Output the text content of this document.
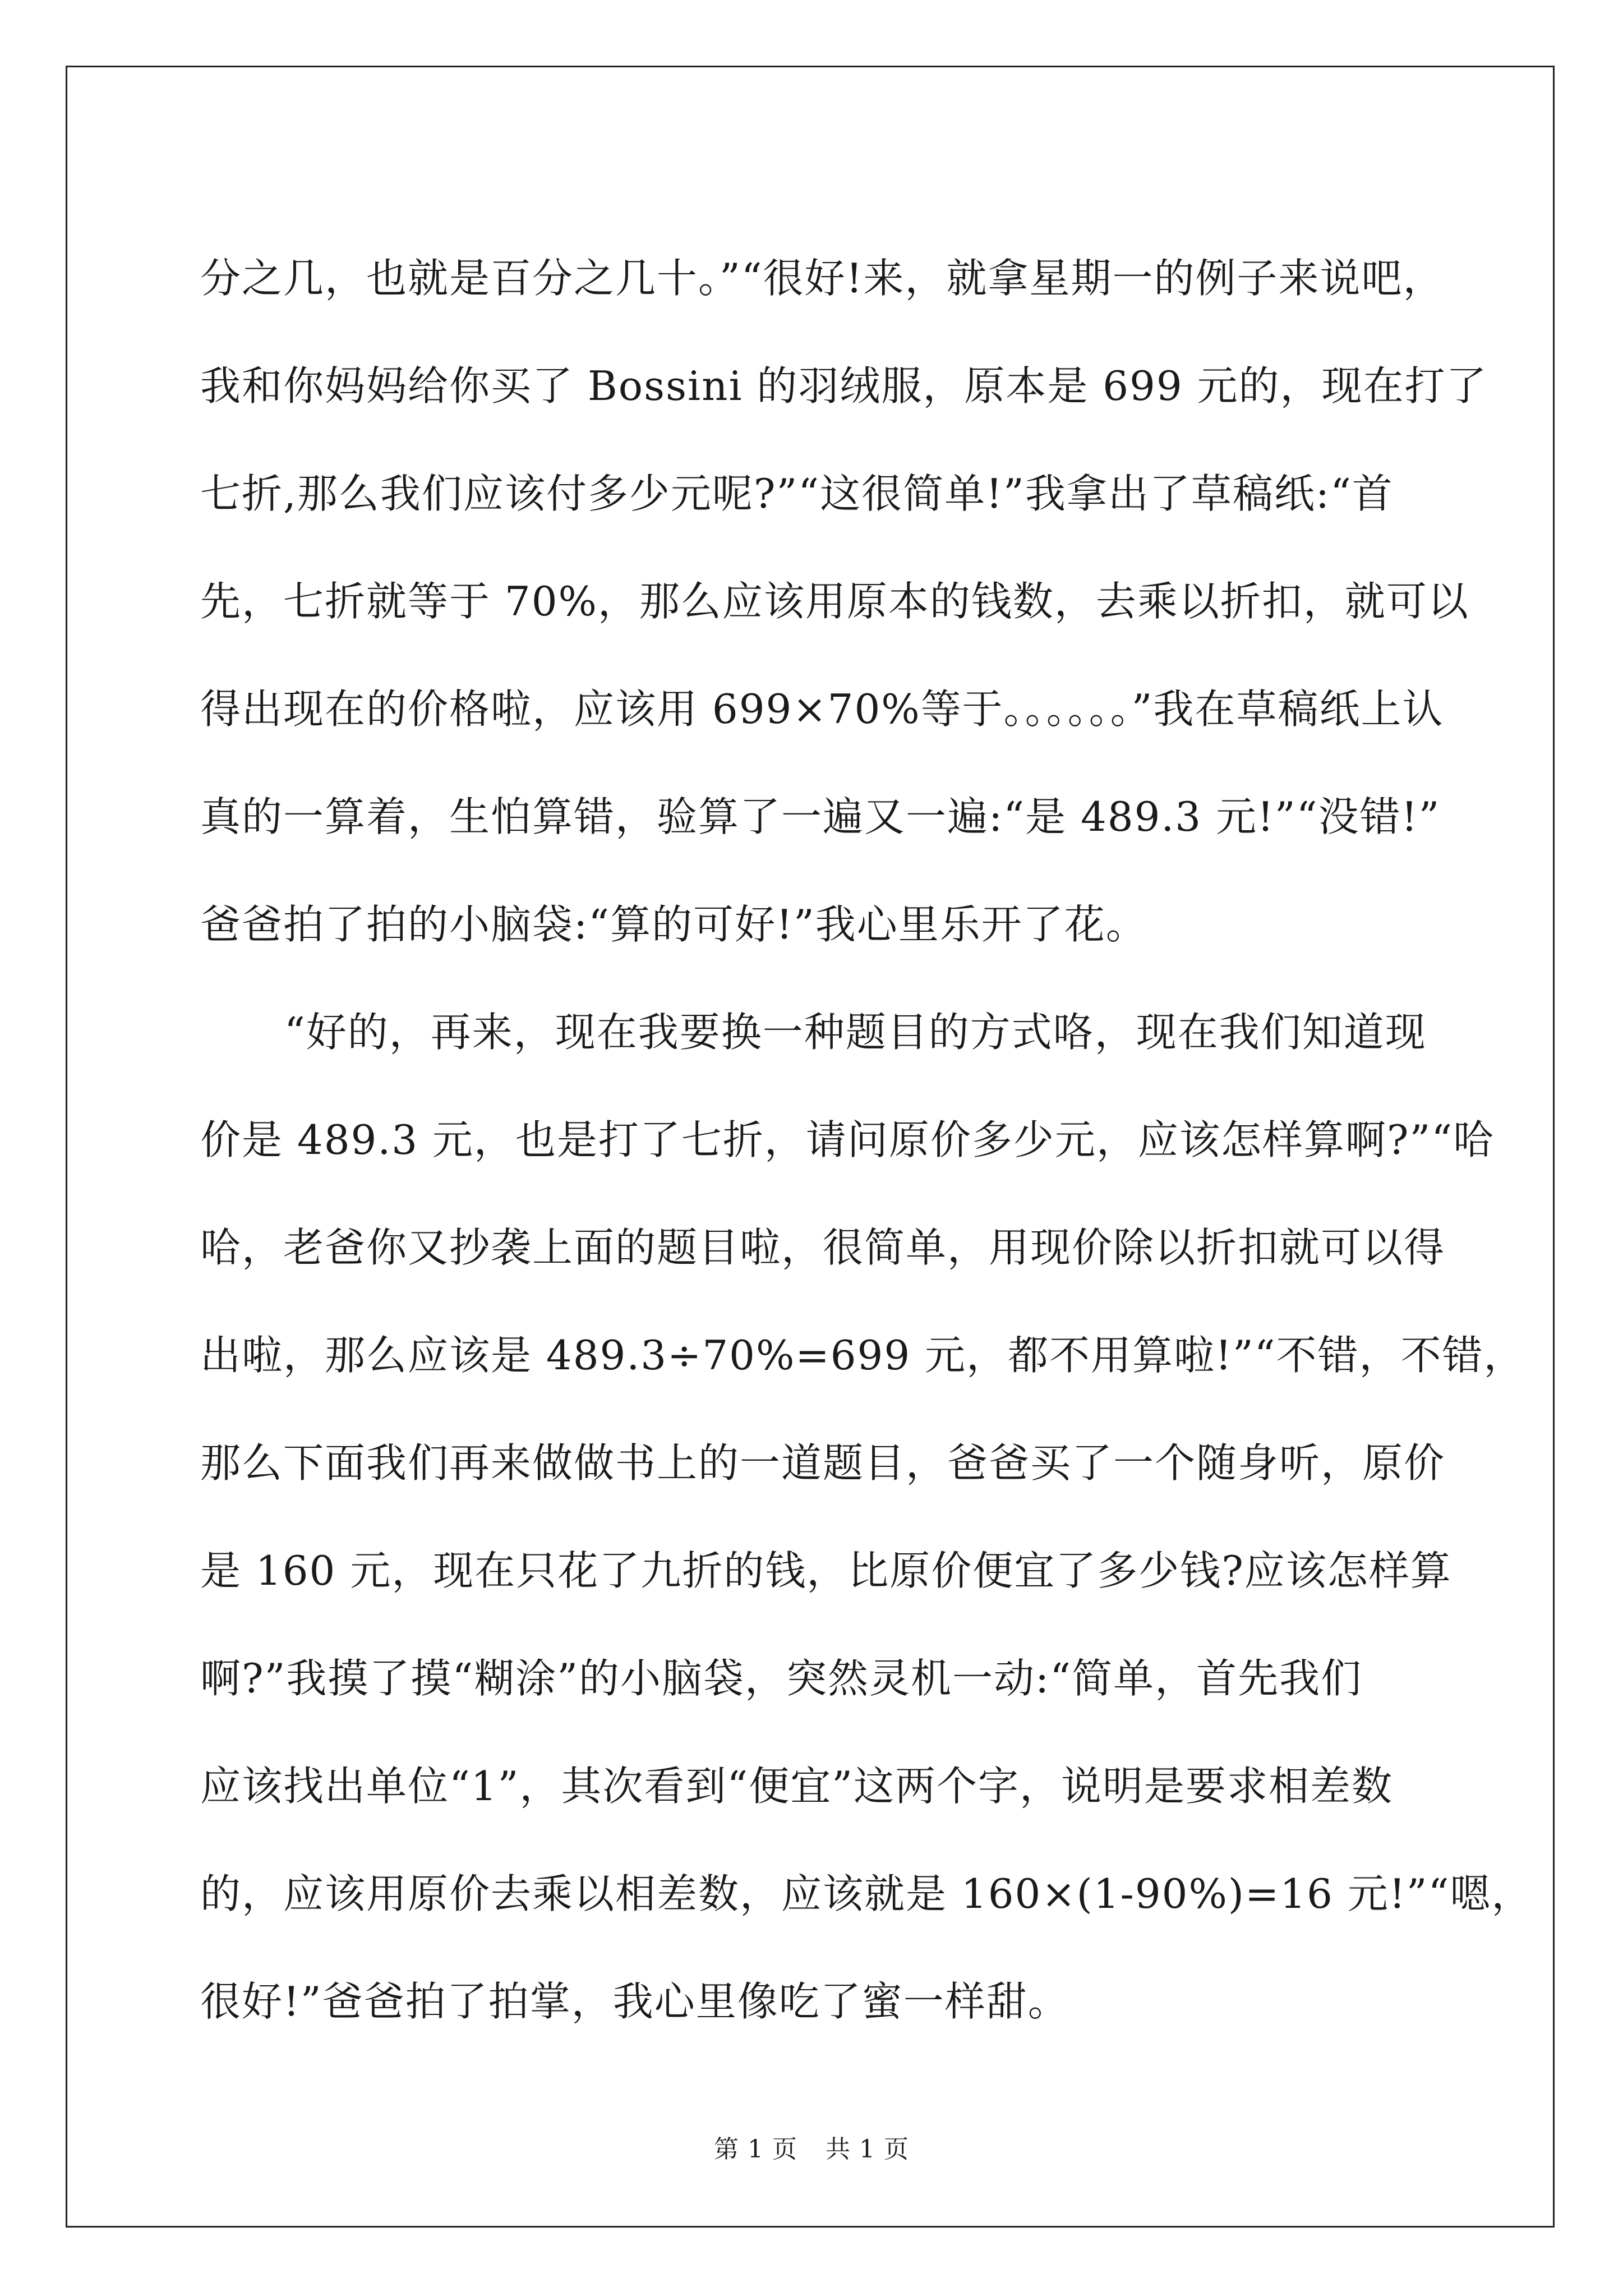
分之几，也就是百分之几十。”“很好!来，就拿星期一的例子来说吧，
我和你妈妈给你买了 Bossini 的羽绒服，原本是 699 元的，现在打了
七折,那么我们应该付多少元呢?”“这很简单!”我拿出了草稿纸:“首
先，七折就等于 70%，那么应该用原本的钱数，去乘以折扣，就可以
得出现在的价格啦，应该用 699×70%等于。。。。。。”我在草稿纸上认
真的一算着，生怕算错，验算了一遍又一遍:“是 489.3 元!”“没错!”
爸爸拍了拍的小脑袋:“算的可好!”我心里乐开了花。
“好的，再来，现在我要换一种题目的方式咯，现在我们知道现
价是 489.3 元，也是打了七折，请问原价多少元，应该怎样算啊?”“哈
哈，老爸你又抄袭上面的题目啦，很简单，用现价除以折扣就可以得
出啦，那么应该是 489.3÷70%=699 元，都不用算啦!”“不错，不错，
那么下面我们再来做做书上的一道题目，爸爸买了一个随身听，原价
是 160 元，现在只花了九折的钱，比原价便宜了多少钱?应该怎样算
啊?”我摸了摸“糊涂”的小脑袋，突然灵机一动:“简单，首先我们
应该找出单位“1”，其次看到“便宜”这两个字，说明是要求相差数
的，应该用原价去乘以相差数，应该就是 160×(1-90%)=16 元!”“嗯，
很好!”爸爸拍了拍掌，我心里像吃了蜜一样甜。
第 1 页 共 1 页
